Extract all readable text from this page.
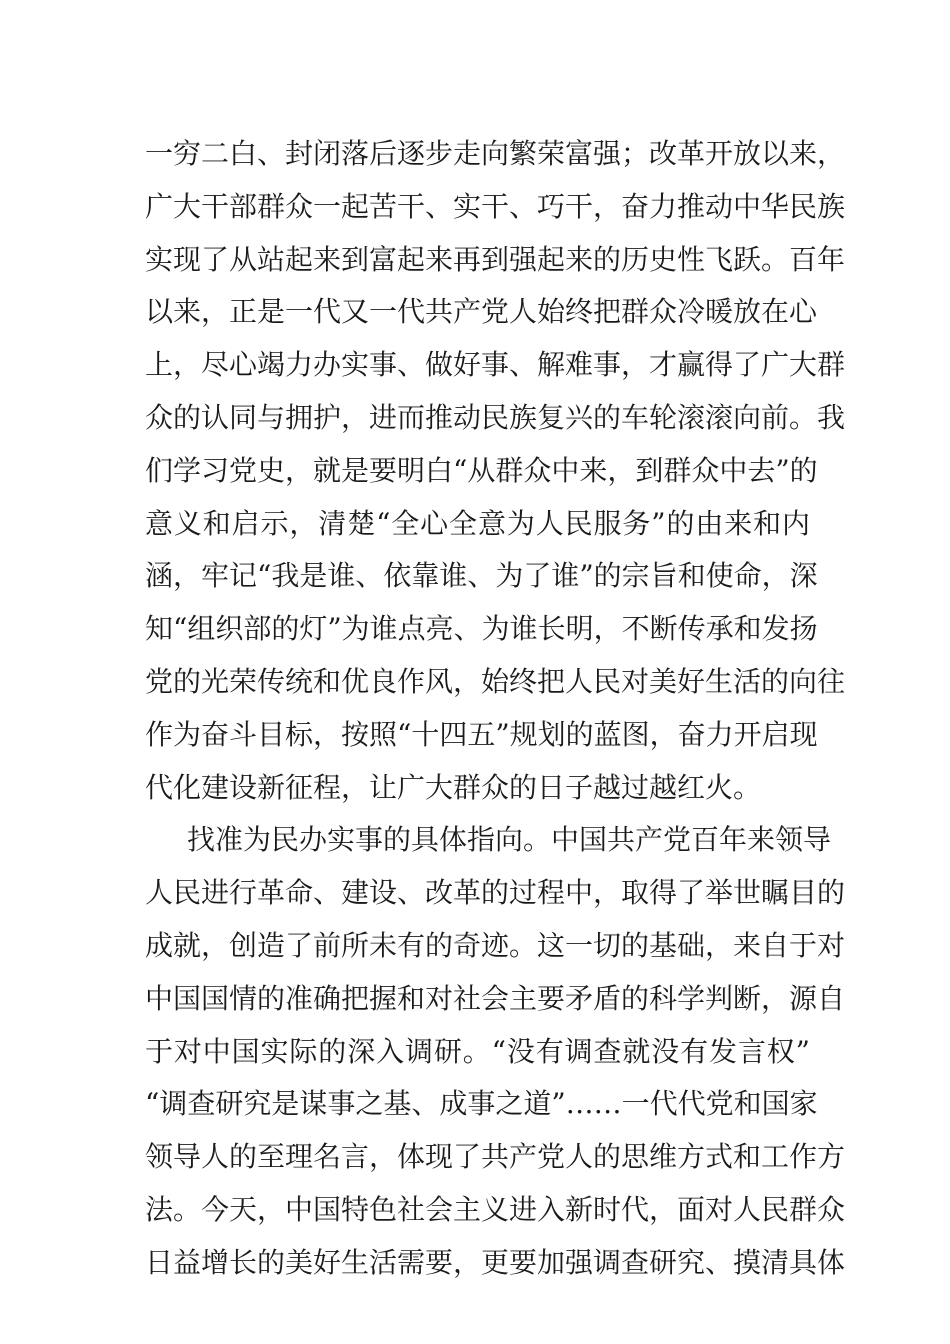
一穷二白、封闭落后逐步走向繁荣富强；改革开放以来，
广大干部群众一起苦干、实干、巧干，奋力推动中华民族
实现了从站起来到富起来再到强起来的历史性飞跃。百年
以来，正是一代又一代共产党人始终把群众冷暖放在心
上，尽心竭力办实事、做好事、解难事，才赢得了广大群
众的认同与拥护，进而推动民族复兴的车轮滚滚向前。我
们学习党史，就是要明白“从群众中来，到群众中去”的
意义和启示，清楚“全心全意为人民服务”的由来和内
涵，牢记“我是谁、依靠谁、为了谁”的宗旨和使命，深
知“组织部的灯”为谁点亮、为谁长明，不断传承和发扬
党的光荣传统和优良作风，始终把人民对美好生活的向往
作为奋斗目标，按照“十四五”规划的蓝图，奋力开启现
代化建设新征程，让广大群众的日子越过越红火。
找准为民办实事的具体指向。中国共产党百年来领导
人民进行革命、建设、改革的过程中，取得了举世瞩目的
成就，创造了前所未有的奇迹。这一切的基础，来自于对
中国国情的准确把握和对社会主要矛盾的科学判断，源自
于对中国实际的深入调研。“没有调查就没有发言权”
“调查研究是谋事之基、成事之道”……一代代党和国家
领导人的至理名言，体现了共产党人的思维方式和工作方
法。今天，中国特色社会主义进入新时代，面对人民群众
日益增长的美好生活需要，更要加强调查研究、摸清具体
